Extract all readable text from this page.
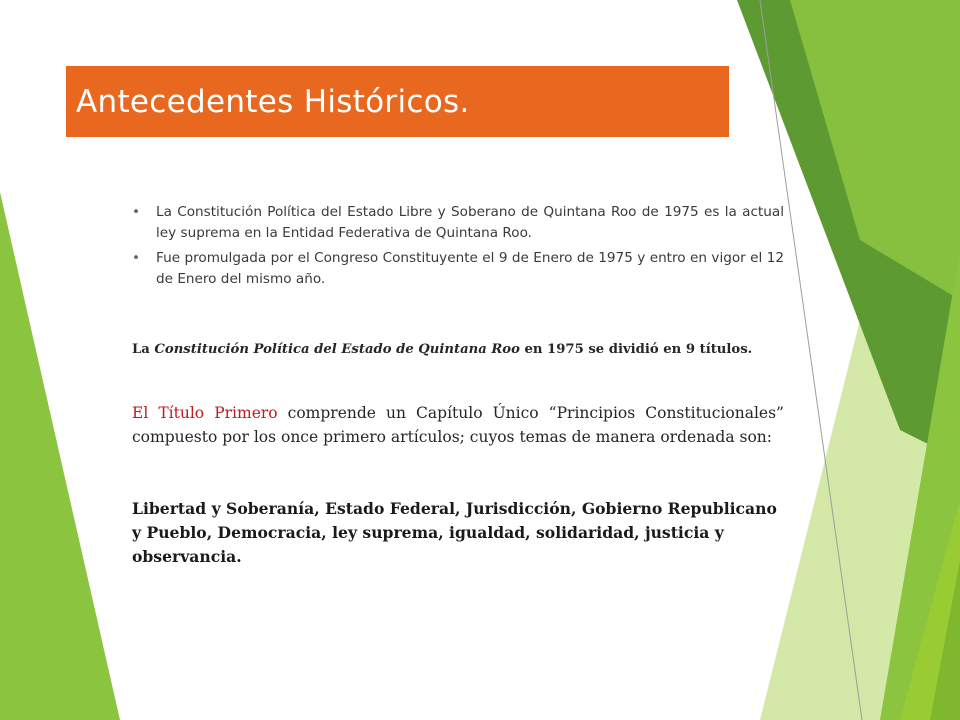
Antecedentes Históricos.
• La Constitución Política del Estado Libre y Soberano de Quintana Roo de 1975 es la actual ley suprema en la Entidad Federativa de Quintana Roo.
• Fue promulgada por el Congreso Constituyente el 9 de Enero de 1975 y entro en vigor el 12 de Enero del mismo año.
La Constitución Política del Estado de Quintana Roo en 1975 se dividió en 9 títulos.
El Título Primero comprende un Capítulo Único “Principios Constitucionales” compuesto por los once primero artículos; cuyos temas de manera ordenada son:
Libertad y Soberanía, Estado Federal, Jurisdicción, Gobierno Republicano y Pueblo, Democracia, ley suprema, igualdad, solidaridad, justicia y observancia.
